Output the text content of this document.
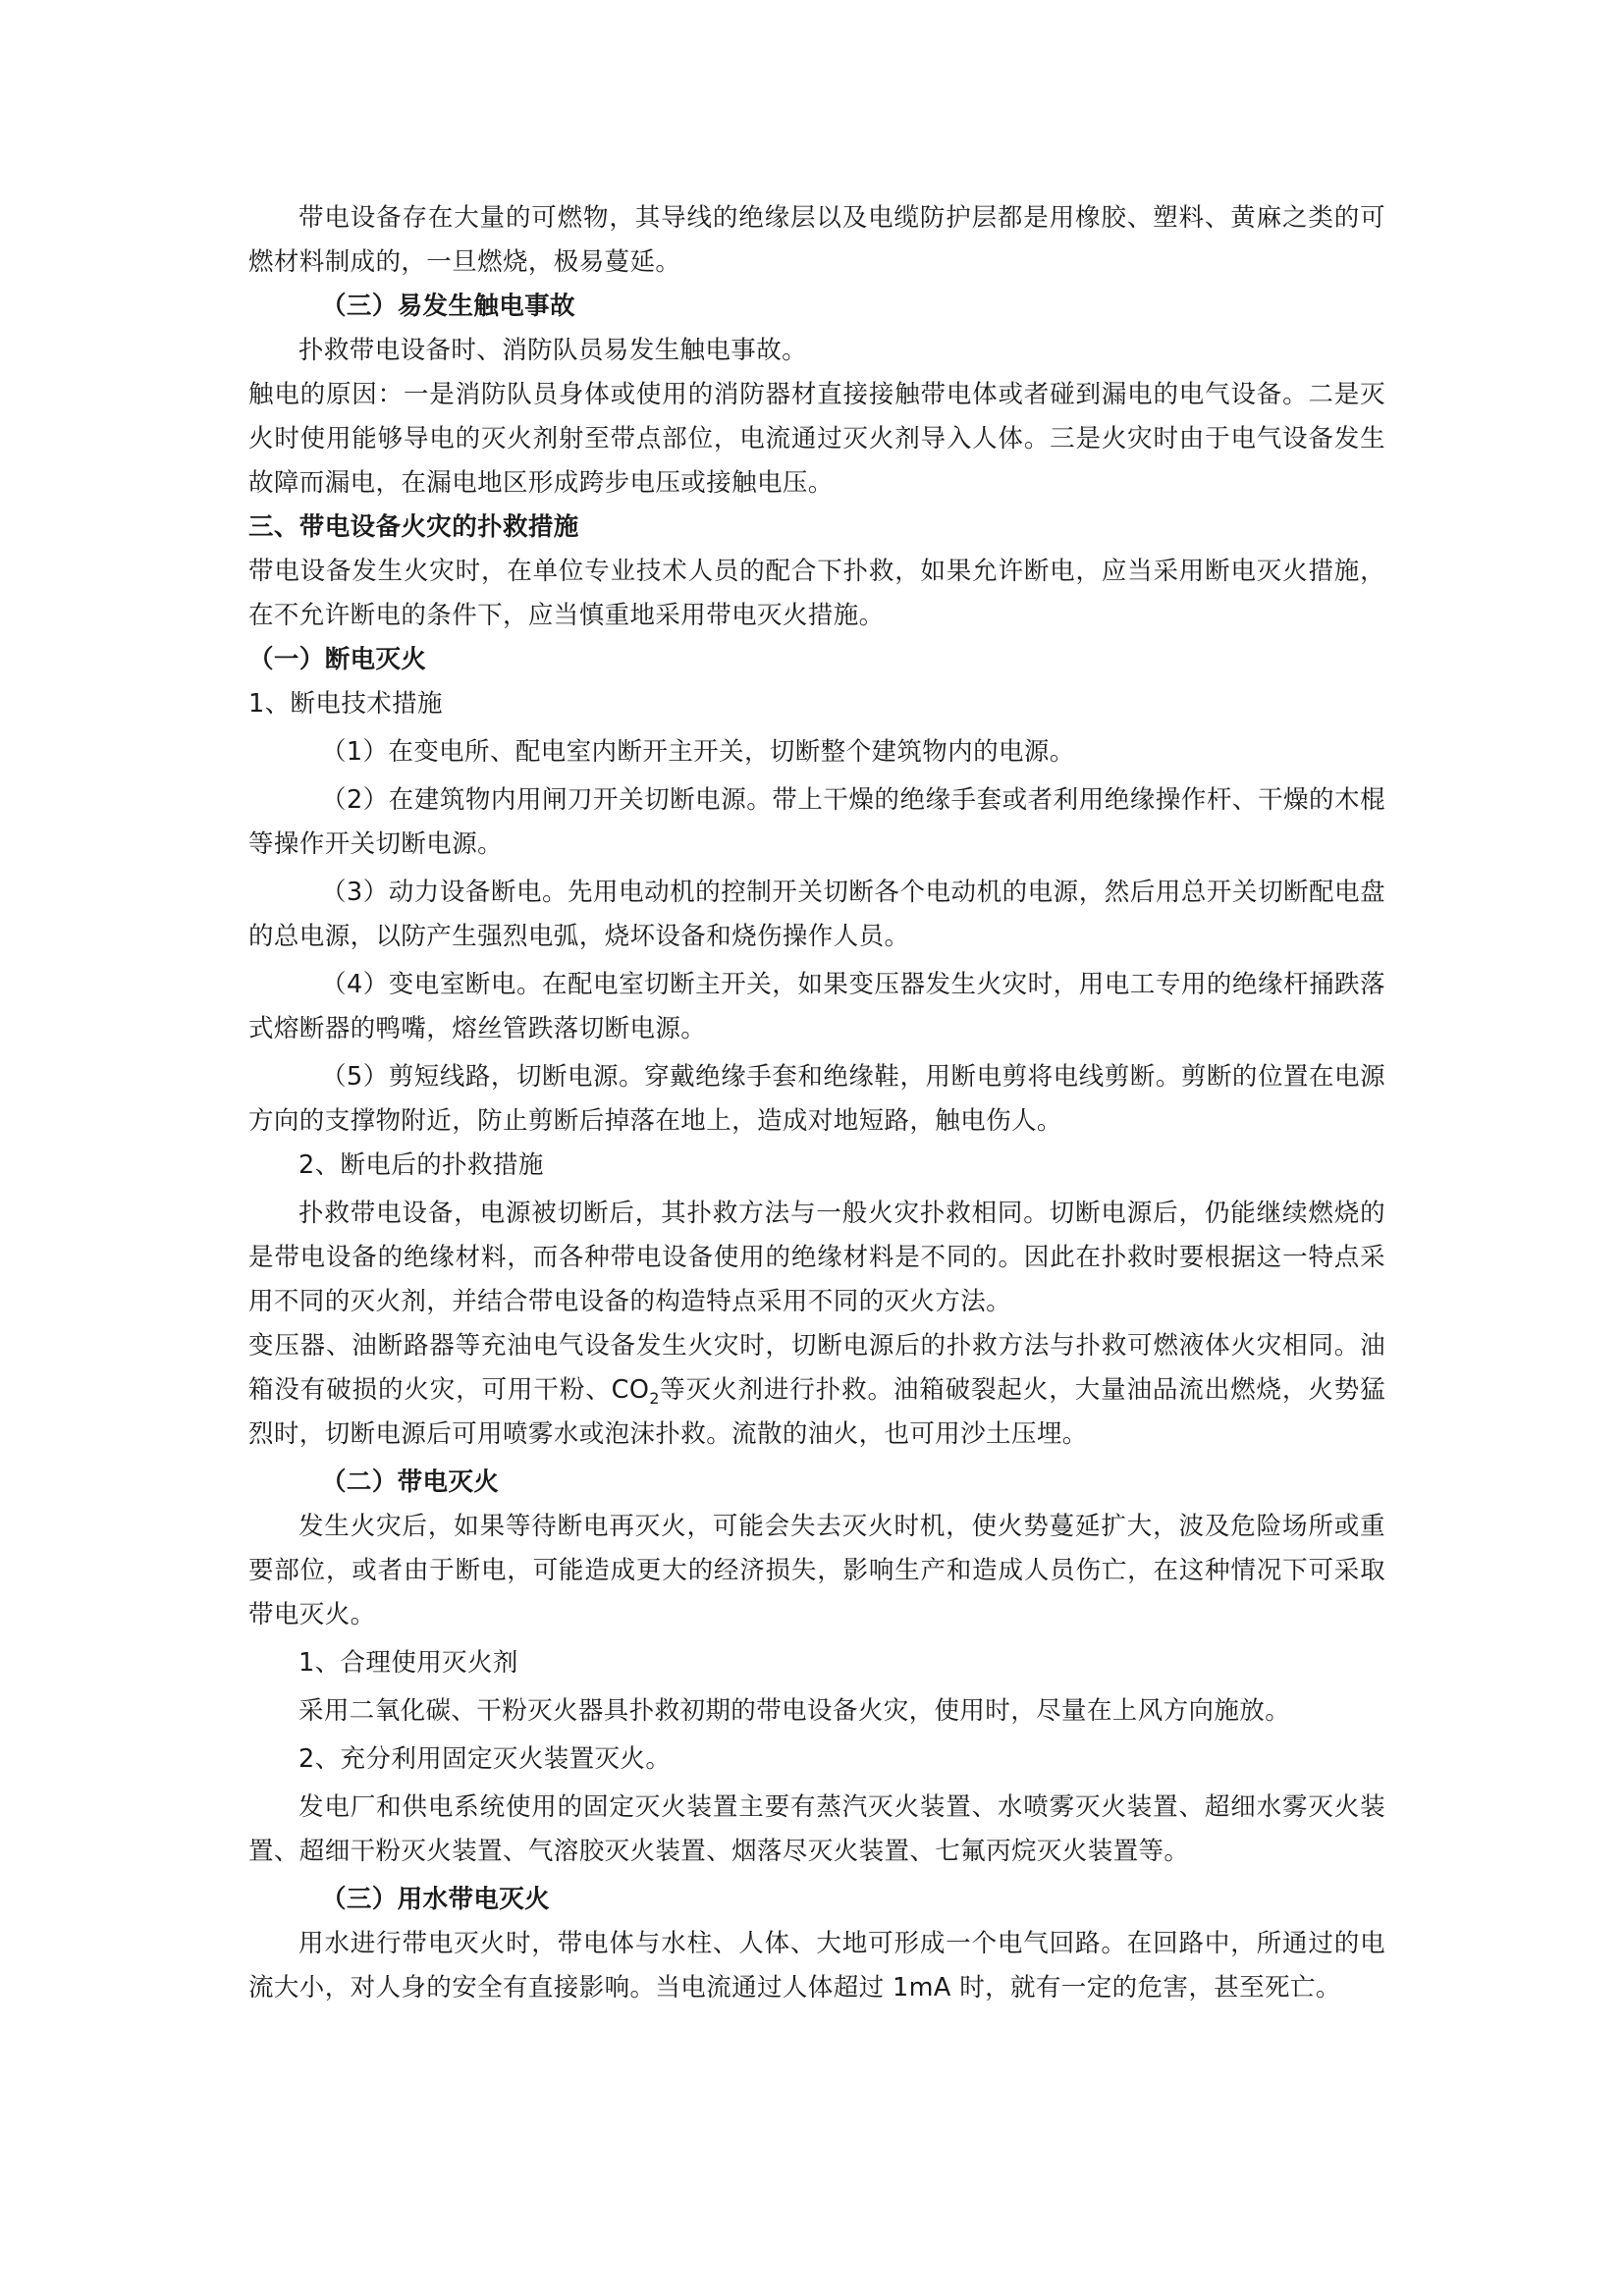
带电设备存在大量的可燃物，其导线的绝缘层以及电缆防护层都是用橡胶、塑料、黄麻之类的可燃材料制成的，一旦燃烧，极易蔓延。

（三）易发生触电事故

扑救带电设备时、消防队员易发生触电事故。

触电的原因：一是消防队员身体或使用的消防器材直接接触带电体或者碰到漏电的电气设备。二是灭火时使用能够导电的灭火剂射至带点部位，电流通过灭火剂导入人体。三是火灾时由于电气设备发生故障而漏电，在漏电地区形成跨步电压或接触电压。

三、带电设备火灾的扑救措施

带电设备发生火灾时，在单位专业技术人员的配合下扑救，如果允许断电，应当采用断电灭火措施，在不允许断电的条件下，应当慎重地采用带电灭火措施。

（一）断电灭火

1、断电技术措施

（1）在变电所、配电室内断开主开关，切断整个建筑物内的电源。

（2）在建筑物内用闸刀开关切断电源。带上干燥的绝缘手套或者利用绝缘操作杆、干燥的木棍等操作开关切断电源。

（3）动力设备断电。先用电动机的控制开关切断各个电动机的电源，然后用总开关切断配电盘的总电源，以防产生强烈电弧，烧坏设备和烧伤操作人员。

（4）变电室断电。在配电室切断主开关，如果变压器发生火灾时，用电工专用的绝缘杆捅跌落式熔断器的鸭嘴，熔丝管跌落切断电源。

（5）剪短线路，切断电源。穿戴绝缘手套和绝缘鞋，用断电剪将电线剪断。剪断的位置在电源方向的支撑物附近，防止剪断后掉落在地上，造成对地短路，触电伤人。

2、断电后的扑救措施

扑救带电设备，电源被切断后，其扑救方法与一般火灾扑救相同。切断电源后，仍能继续燃烧的是带电设备的绝缘材料，而各种带电设备使用的绝缘材料是不同的。因此在扑救时要根据这一特点采用不同的灭火剂，并结合带电设备的构造特点采用不同的灭火方法。

变压器、油断路器等充油电气设备发生火灾时，切断电源后的扑救方法与扑救可燃液体火灾相同。油箱没有破损的火灾，可用干粉、$CO_2$等灭火剂进行扑救。油箱破裂起火，大量油品流出燃烧，火势猛烈时，切断电源后可用喷雾水或泡沫扑救。流散的油火，也可用沙土压埋。

（二）带电灭火

发生火灾后，如果等待断电再灭火，可能会失去灭火时机，使火势蔓延扩大，波及危险场所或重要部位，或者由于断电，可能造成更大的经济损失，影响生产和造成人员伤亡，在这种情况下可采取带电灭火。

1、合理使用灭火剂

采用二氧化碳、干粉灭火器具扑救初期的带电设备火灾，使用时，尽量在上风方向施放。

2、充分利用固定灭火装置灭火。

发电厂和供电系统使用的固定灭火装置主要有蒸汽灭火装置、水喷雾灭火装置、超细水雾灭火装置、超细干粉灭火装置、气溶胶灭火装置、烟落尽灭火装置、七氟丙烷灭火装置等。

（三）用水带电灭火

用水进行带电灭火时，带电体与水柱、人体、大地可形成一个电气回路。在回路中，所通过的电流大小，对人身的安全有直接影响。当电流通过人体超过 1mA 时，就有一定的危害，甚至死亡。
